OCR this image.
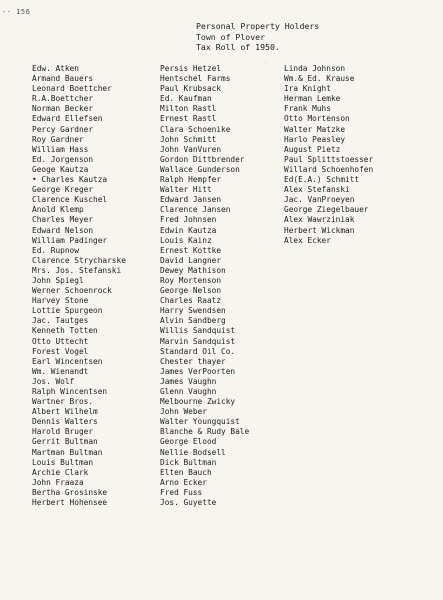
-- 156
'
Personal Property Holders
Town of Plover
Tax Roll of 1950.
Edw. Atken
Armand Bauers
Leonard Boettcher
R.A.Boettcher
Norman Becker
Edward Ellefsen
Percy Gardner
Roy Gardner
William Hass
Ed. Jorgenson
Geoge Kautza
• Charles Kautza
George Kreger
Clarence Kuschel
Anold Klemp
Charles Meyer
Edward Nelson
William Padinger
Ed. Rupnow
Clarence Strycharske
Mrs. Jos. Stefanski
John Spiegl
Werner Schoenrock
Harvey Stone
Lottie Spurgeon
Jac. Tautges
Kenneth Totten
Otto Uttecht
Forest Vogel
Earl Wincentsen
Wm. Wienandt
Jos. Wolf
Ralph Wincentsen
Wartner Bros.
Albert Wilhelm
Dennis Walters
Harold Bruger
Gerrit Bultman
Martman Bultman
Louis Bultman
Archie Clark
John Fraaza
Bertha Grosinske
Herbert Hohensee
Persis Hetzel
Hentschel Farms
Paul Krubsack
Ed. Kaufman
Milton Rastl
Ernest Rastl
Clara Schoenike
John Schmitt
John VanVuren
Gordon Dittbrender
Wallace Gunderson
Ralph Hempfer
Walter Hitt
Edward Jansen
Clarence Jansen
Fred Johnsen
Edwin Kautza
Louis Kainz
Ernest Kottke
David Langner
Dewey Mathison
Roy Mortenson
George Nelson
Charles Raatz
Harry Swendsen
Alvin Sandberg
Willis Sandquist
Marvin Sandquist
Standard Oil Co.
Chester thayer
James VerPoorten
James Vaughn
Glenn Vaughn
Melbourne Zwicky
John Weber
Walter Youngquist
Blanche & Rudy Bale
George Elood
Nellie Bodsell
Dick Bultman
Elten Bauch
Arno Ecker
Fred Fuss
Jos. Guyette
Linda Johnson
Wm.& Ed. Krause
Ira Knight
Herman Lemke
Frank Muhs
Otto Mortenson
Walter Matzke
Harlo Peasley
August Pietz
Paul Splittstoesser
Willard Schoenhofen
Ed(E.A.) Schmitt
Alex Stefanski
Jac. VanProeyen
George Ziegelbauer
Alex Wawrziniak
Herbert Wickman
Alex Ecker
